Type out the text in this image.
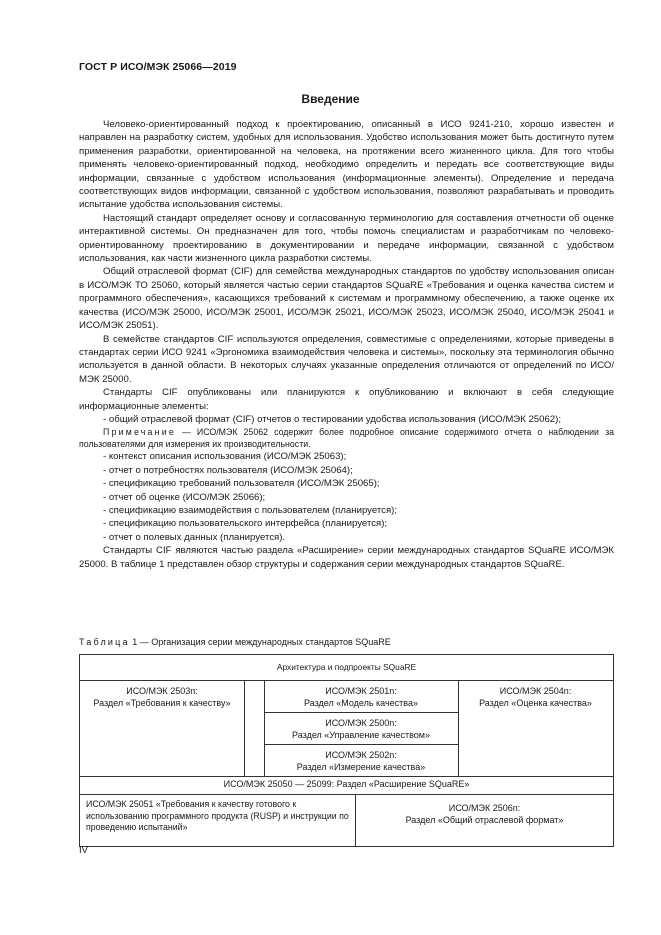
ГОСТ Р ИСО/МЭК 25066—2019
Введение

Человеко-ориентированный подход к проектированию, описанный в ИСО 9241-210, хорошо известен и направлен на разработку систем, удобных для использования. Удобство использования может быть достигнуто путем применения разработки, ориентированной на человека, на протяжении всего жизненного цикла. Для того чтобы применять человеко-ориентированный подход, необходимо определить и передать все соответствующие виды информации, связанные с удобством использования (информационные элементы). Определение и передача соответствующих видов информации, связанной с удобством использования, позволяют разрабатывать и проводить испытание удобства использования системы.

Настоящий стандарт определяет основу и согласованную терминологию для составления отчетности об оценке интерактивной системы. Он предназначен для того, чтобы помочь специалистам и разработчикам по человеко-ориентированному проектированию в документировании и передаче информации, связанной с удобством использования, как части жизненного цикла разработки системы.

Общий отраслевой формат (CIF) для семейства международных стандартов по удобству использования описан в ИСО/МЭК ТО 25060, который является частью серии стандартов SQuaRE «Требования и оценка качества систем и программного обеспечения», касающихся требований к системам и программному обеспечению, а также оценке их качества (ИСО/МЭК 25000, ИСО/МЭК 25001, ИСО/МЭК 25021, ИСО/МЭК 25023, ИСО/МЭК 25040, ИСО/МЭК 25041 и ИСО/МЭК 25051).

В семействе стандартов CIF используются определения, совместимые с определениями, которые приведены в стандартах серии ИСО 9241 «Эргономика взаимодействия человека и системы», поскольку эта терминология обычно используется в данной области. В некоторых случаях указанные определения отличаются от определений по ИСО/МЭК 25000.

Стандарты CIF опубликованы или планируются к опубликованию и включают в себя следующие информационные элементы:

- общий отраслевой формат (CIF) отчетов о тестировании удобства использования (ИСО/МЭК 25062);

Примечание — ИСО/МЭК 25062 содержит более подробное описание содержимого отчета о наблюдении за пользователями для измерения их производительности.

- контекст описания использования (ИСО/МЭК 25063);
- отчет о потребностях пользователя (ИСО/МЭК 25064);
- спецификацию требований пользователя (ИСО/МЭК 25065);
- отчет об оценке (ИСО/МЭК 25066);
- спецификацию взаимодействия с пользователем (планируется);
- спецификацию пользовательского интерфейса (планируется);
- отчет о полевых данных (планируется).

Стандарты CIF являются частью раздела «Расширение» серии международных стандартов SQuaRE ИСО/МЭК 25000. В таблице 1 представлен обзор структуры и содержания серии международных стандартов SQuaRE.

Таблица 1 — Организация серии международных стандартов SQuaRE
Архитектура и подпроекты SQuaRE
ИСО/МЭК 2503n:
Раздел «Требования к качеству»
ИСО/МЭК 2501n:
Раздел «Модель качества»
ИСО/МЭК 2500n:
Раздел «Управление качеством»
ИСО/МЭК 2502n:
Раздел «Измерение качества»
ИСО/МЭК 2504n:
Раздел «Оценка качества»
ИСО/МЭК 25050 — 25099: Раздел «Расширение SQuaRE»
ИСО/МЭК 25051 «Требования к качеству готового к использованию программного продукта (RUSP) и инструкции по проведению испытаний»
ИСО/МЭК 2506n:
Раздел «Общий отраслевой формат»
IV
